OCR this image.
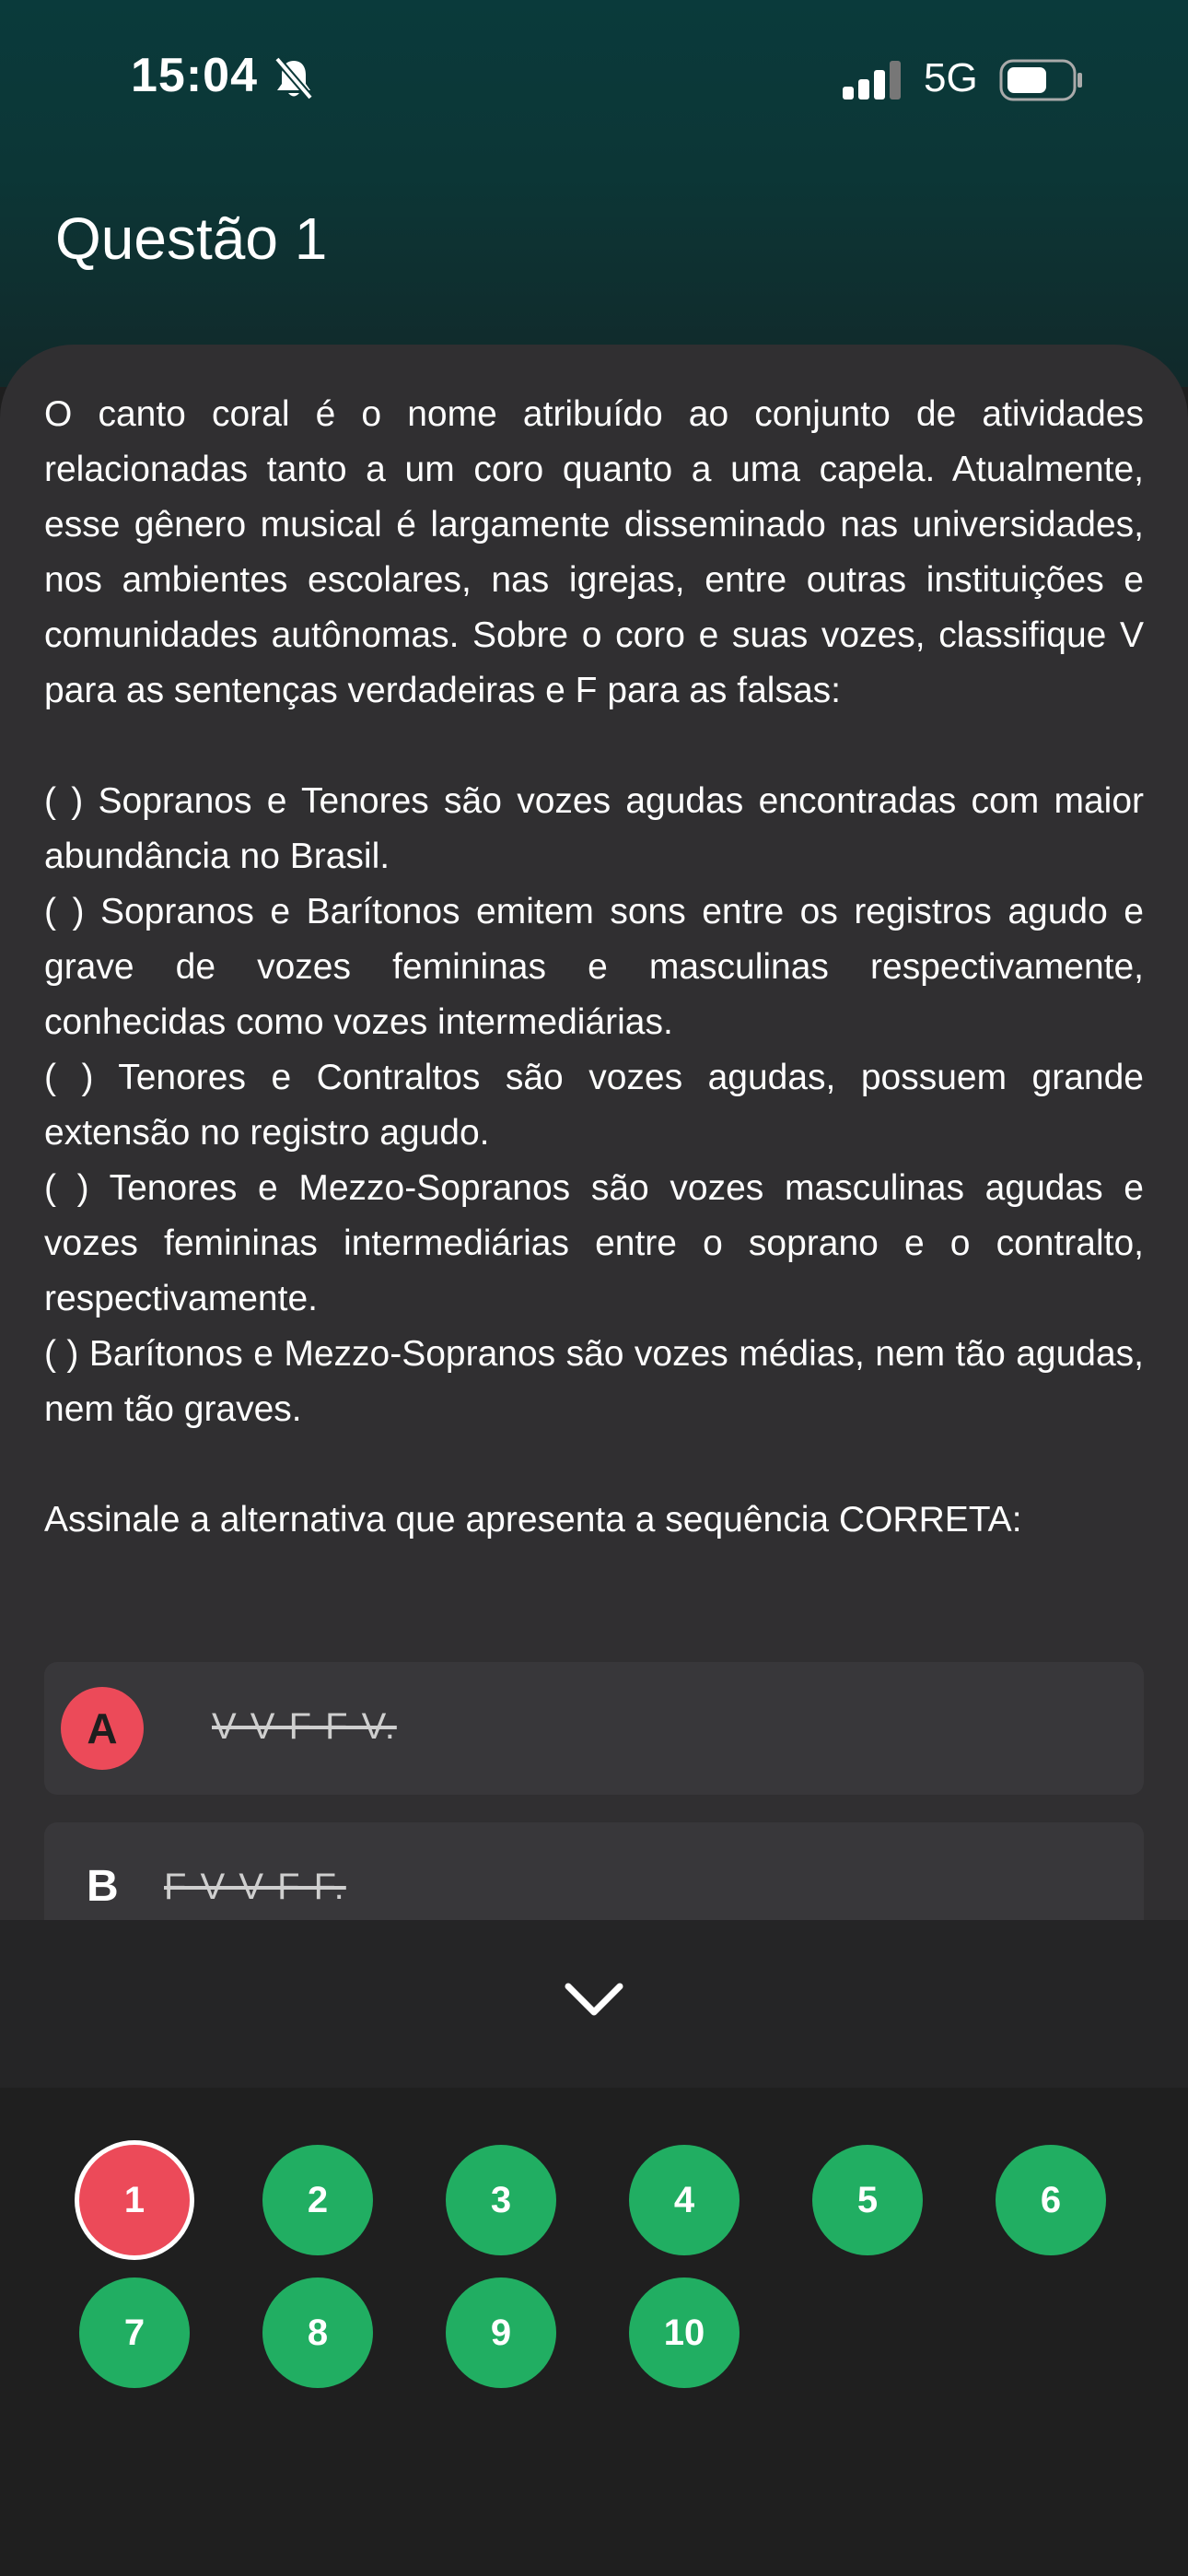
15:04	5G
Questão 1

O canto coral é o nome atribuído ao conjunto de atividades relacionadas tanto a um coro quanto a uma capela. Atualmente, esse gênero musical é largamente disseminado nas universidades, nos ambientes escolares, nas igrejas, entre outras instituições e comunidades autônomas. Sobre o coro e suas vozes, classifique V para as sentenças verdadeiras e F para as falsas:

( ) Sopranos e Tenores são vozes agudas encontradas com maior abundância no Brasil.

( ) Sopranos e Barítonos emitem sons entre os registros agudo e grave de vozes femininas e masculinas respectivamente, conhecidas como vozes intermediárias.

( ) Tenores e Contraltos são vozes agudas, possuem grande extensão no registro agudo.

( ) Tenores e Mezzo-Sopranos são vozes masculinas agudas e vozes femininas intermediárias entre o soprano e o contralto, respectivamente.

( ) Barítonos e Mezzo-Sopranos são vozes médias, nem tão agudas, nem tão graves.

Assinale a alternativa que apresenta a sequência CORRETA:

A	V V F F V.
B F V V F F.
1	2	3	4	5	6
7	8	9	10
